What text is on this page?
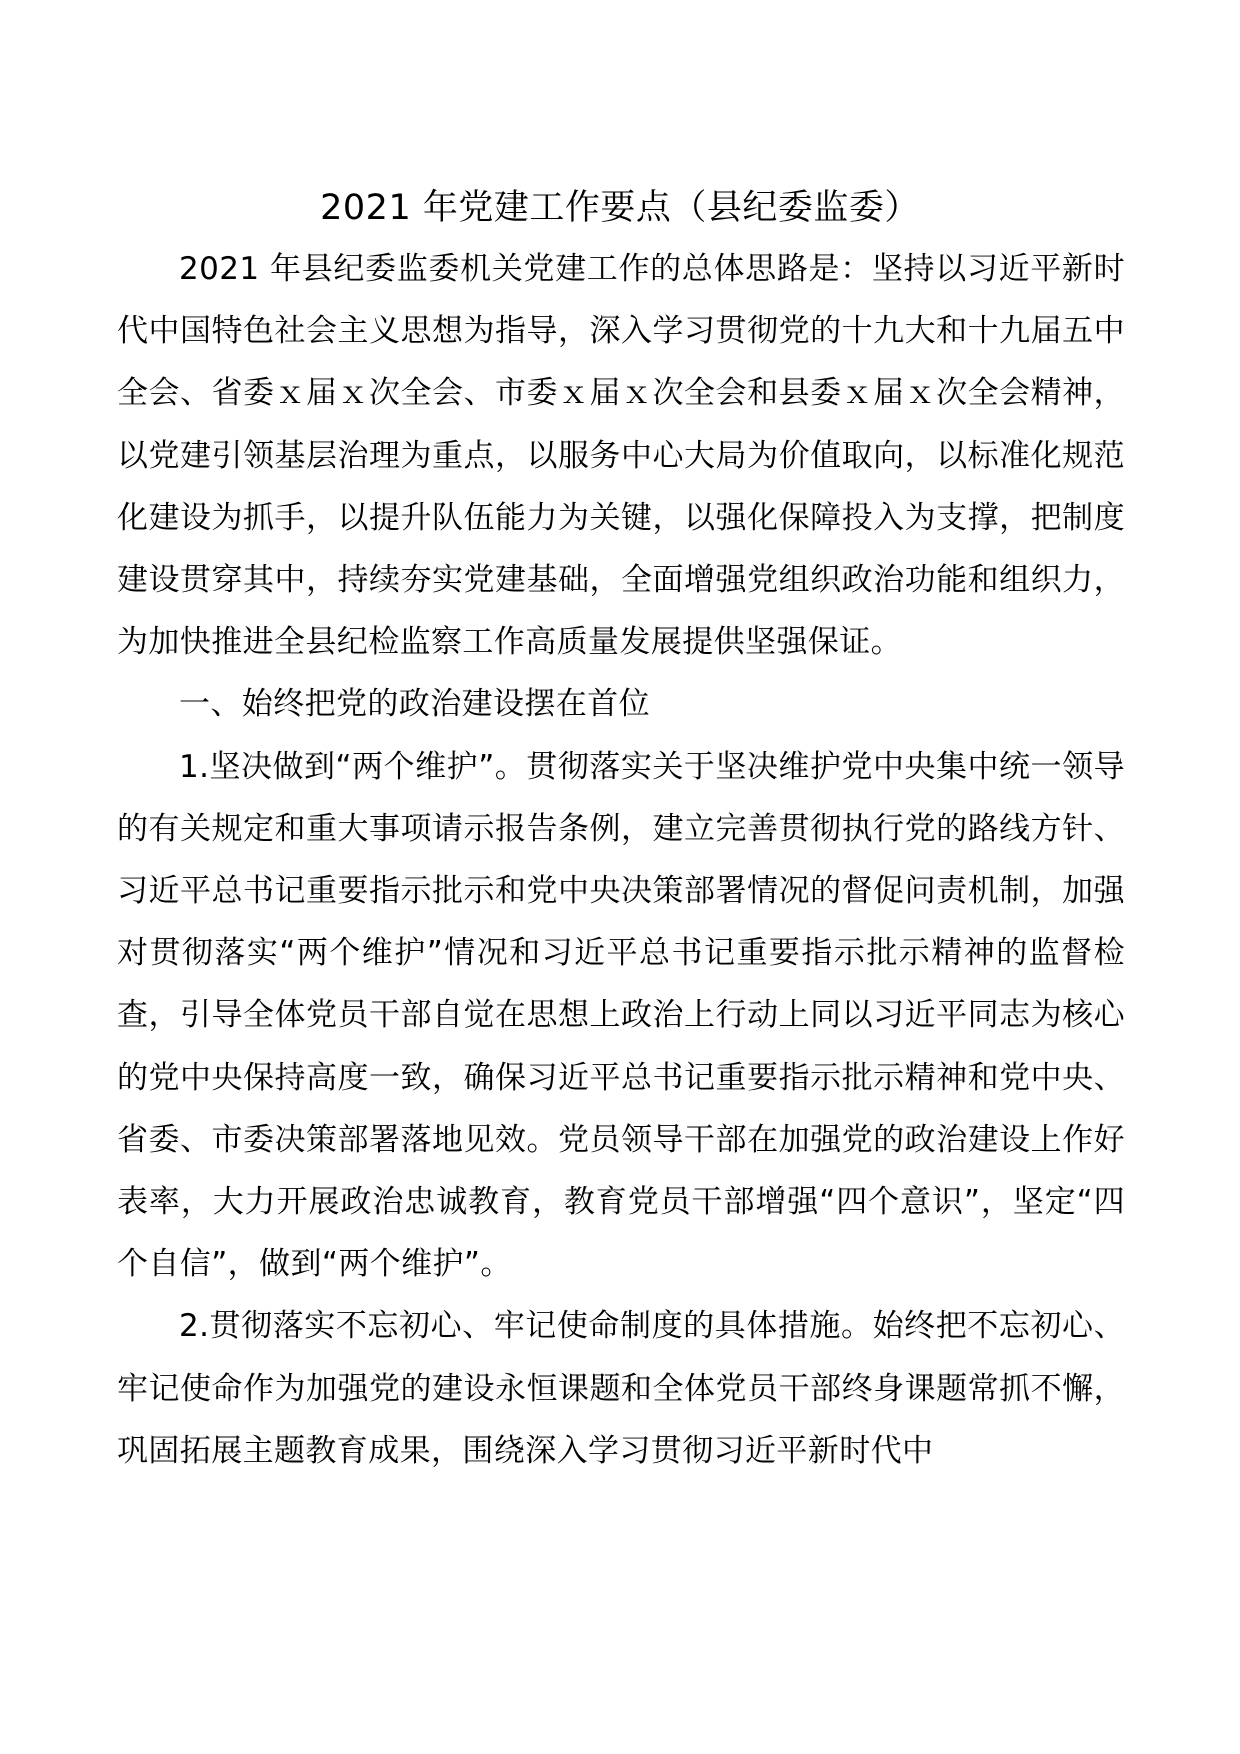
2021 年党建工作要点（县纪委监委）

2021 年县纪委监委机关党建工作的总体思路是：坚持以习近平新时代中国特色社会主义思想为指导，深入学习贯彻党的十九大和十九届五中全会、省委ｘ届ｘ次全会、市委ｘ届ｘ次全会和县委ｘ届ｘ次全会精神，以党建引领基层治理为重点，以服务中心大局为价值取向，以标准化规范化建设为抓手，以提升队伍能力为关键，以强化保障投入为支撑，把制度建设贯穿其中，持续夯实党建基础，全面增强党组织政治功能和组织力，为加快推进全县纪检监察工作高质量发展提供坚强保证。

一、始终把党的政治建设摆在首位

1.坚决做到“两个维护”。贯彻落实关于坚决维护党中央集中统一领导的有关规定和重大事项请示报告条例，建立完善贯彻执行党的路线方针、习近平总书记重要指示批示和党中央决策部署情况的督促问责机制，加强对贯彻落实“两个维护”情况和习近平总书记重要指示批示精神的监督检查，引导全体党员干部自觉在思想上政治上行动上同以习近平同志为核心的党中央保持高度一致，确保习近平总书记重要指示批示精神和党中央、省委、市委决策部署落地见效。党员领导干部在加强党的政治建设上作好表率，大力开展政治忠诚教育，教育党员干部增强“四个意识”，坚定“四个自信”，做到“两个维护”。

2.贯彻落实不忘初心、牢记使命制度的具体措施。始终把不忘初心、牢记使命作为加强党的建设永恒课题和全体党员干部终身课题常抓不懈，巩固拓展主题教育成果，围绕深入学习贯彻习近平新时代中
